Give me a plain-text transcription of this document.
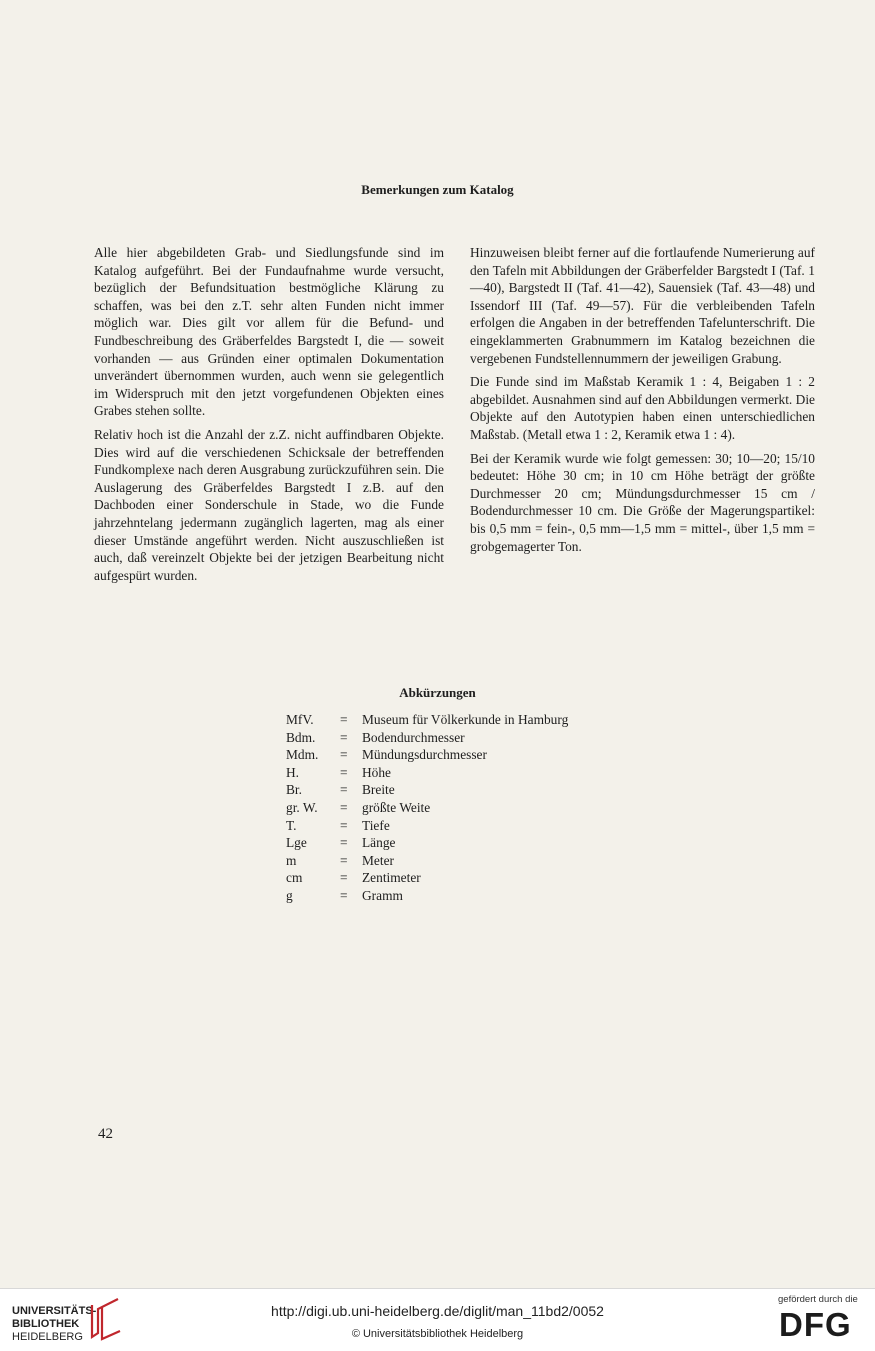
Bemerkungen zum Katalog

Alle hier abgebildeten Grab- und Siedlungsfunde sind im Katalog aufgeführt. Bei der Fundaufnahme wurde versucht, bezüglich der Befundsituation bestmögliche Klärung zu schaffen, was bei den z.T. sehr alten Funden nicht immer möglich war. Dies gilt vor allem für die Befund- und Fundbeschreibung des Gräberfeldes Bargstedt I, die — soweit vorhanden — aus Gründen einer optimalen Dokumentation unverändert übernommen wurden, auch wenn sie gelegentlich im Widerspruch mit den jetzt vorgefundenen Objekten eines Grabes stehen sollte.

Relativ hoch ist die Anzahl der z.Z. nicht auffindbaren Objekte. Dies wird auf die verschiedenen Schicksale der betreffenden Fundkomplexe nach deren Ausgrabung zurückzuführen sein. Die Auslagerung des Gräberfeldes Bargstedt I z.B. auf den Dachboden einer Sonderschule in Stade, wo die Funde jahrzehntelang jedermann zugänglich lagerten, mag als einer dieser Umstände angeführt werden. Nicht auszuschließen ist auch, daß vereinzelt Objekte bei der jetzigen Bearbeitung nicht aufgespürt wurden.

Hinzuweisen bleibt ferner auf die fortlaufende Numerierung auf den Tafeln mit Abbildungen der Gräberfelder Bargstedt I (Taf. 1—40), Bargstedt II (Taf. 41—42), Sauensiek (Taf. 43—48) und Issendorf III (Taf. 49—57). Für die verbleibenden Tafeln erfolgen die Angaben in der betreffenden Tafelunterschrift. Die eingeklammerten Grabnummern im Katalog bezeichnen die vergebenen Fundstellennummern der jeweiligen Grabung.

Die Funde sind im Maßstab Keramik 1 : 4, Beigaben 1 : 2 abgebildet. Ausnahmen sind auf den Abbildungen vermerkt. Die Objekte auf den Autotypien haben einen unterschiedlichen Maßstab. (Metall etwa 1 : 2, Keramik etwa 1 : 4).

Bei der Keramik wurde wie folgt gemessen: 30; 10—20; 15/10 bedeutet: Höhe 30 cm; in 10 cm Höhe beträgt der größte Durchmesser 20 cm; Mündungsdurchmesser 15 cm / Bodendurchmesser 10 cm. Die Größe der Magerungspartikel: bis 0,5 mm = fein-, 0,5 mm—1,5 mm = mittel-, über 1,5 mm = grobgemagerter Ton.

Abkürzungen
MfV.	=	Museum für Völkerkunde in Hamburg
Bdm.	=	Bodendurchmesser
Mdm.	=	Mündungsdurchmesser
H.	=	Höhe
Br.	=	Breite
gr. W.	=	größte Weite
T.	=	Tiefe
Lge	=	Länge
m	=	Meter
cm	=	Zentimeter
g	=	Gramm
42
UNIVERSITÄTS-
BIBLIOTHEK
HEIDELBERG
http://digi.ub.uni-heidelberg.de/diglit/man_11bd2/0052
© Universitätsbibliothek Heidelberg
gefördert durch die
DFG
